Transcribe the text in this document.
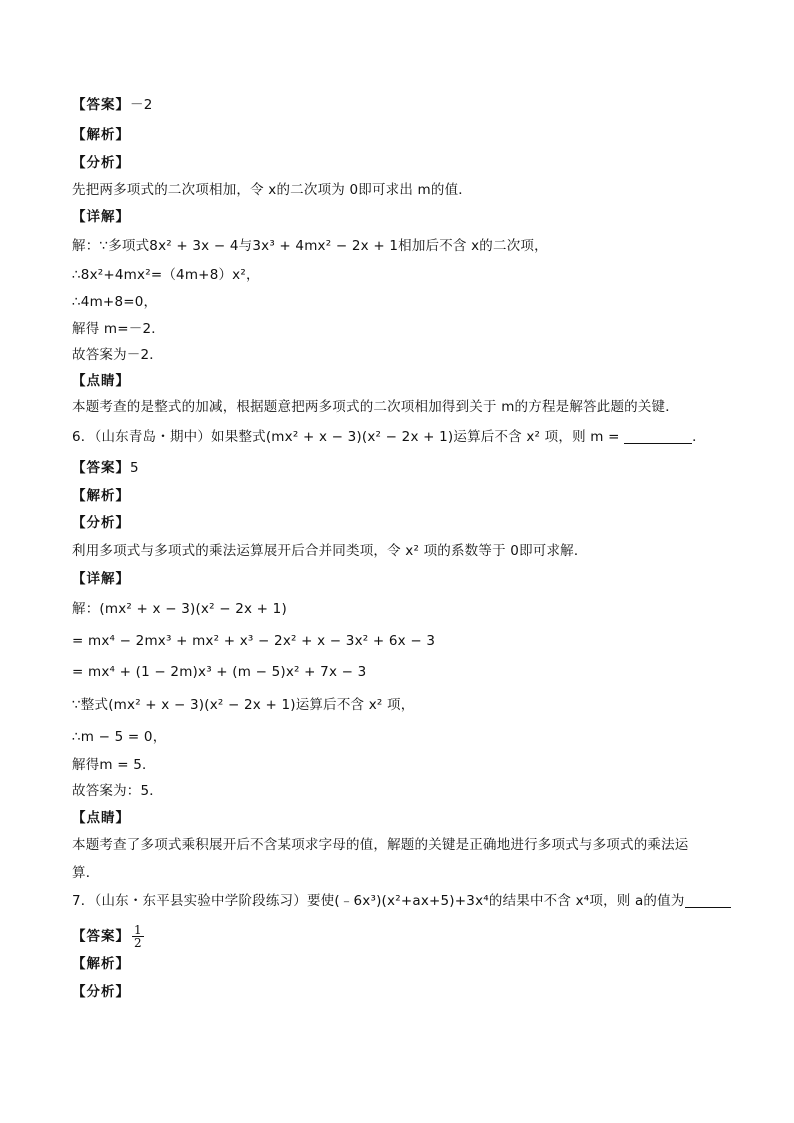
【答案】－2
【解析】
【分析】
先把两多项式的二次项相加，令 x的二次项为 0即可求出 m的值．
【详解】
解：∵多项式8x² + 3x − 4与3x³ + 4mx² − 2x + 1相加后不含 x的二次项，
∴8x²+4mx²=（4m+8）x²，
∴4m+8=0，
解得 m=－2．
故答案为－2．
【点睛】
本题考查的是整式的加减，根据题意把两多项式的二次项相加得到关于 m的方程是解答此题的关键．
6．（山东青岛・期中）如果整式(mx² + x − 3)(x² − 2x + 1)运算后不含 x² 项，则 m =	．
【答案】5
【解析】
【分析】
利用多项式与多项式的乘法运算展开后合并同类项，令 x² 项的系数等于 0即可求解．
【详解】
解：(mx² + x − 3)(x² − 2x + 1)
= mx⁴ − 2mx³ + mx² + x³ − 2x² + x − 3x² + 6x − 3
= mx⁴ + (1 − 2m)x³ + (m − 5)x² + 7x − 3
∵整式(mx² + x − 3)(x² − 2x + 1)运算后不含 x² 项，
∴m − 5 = 0，
解得m = 5．
故答案为：5．
【点睛】
本题考查了多项式乘积展开后不含某项求字母的值，解题的关键是正确地进行多项式与多项式的乘法运
算．
7．（山东・东平县实验中学阶段练习）要使(﹣6x³)(x²+ax+5)+3x⁴的结果中不含 x⁴项，则 a的值为
【答案】 $\frac{1}{2}$
【解析】
【分析】
